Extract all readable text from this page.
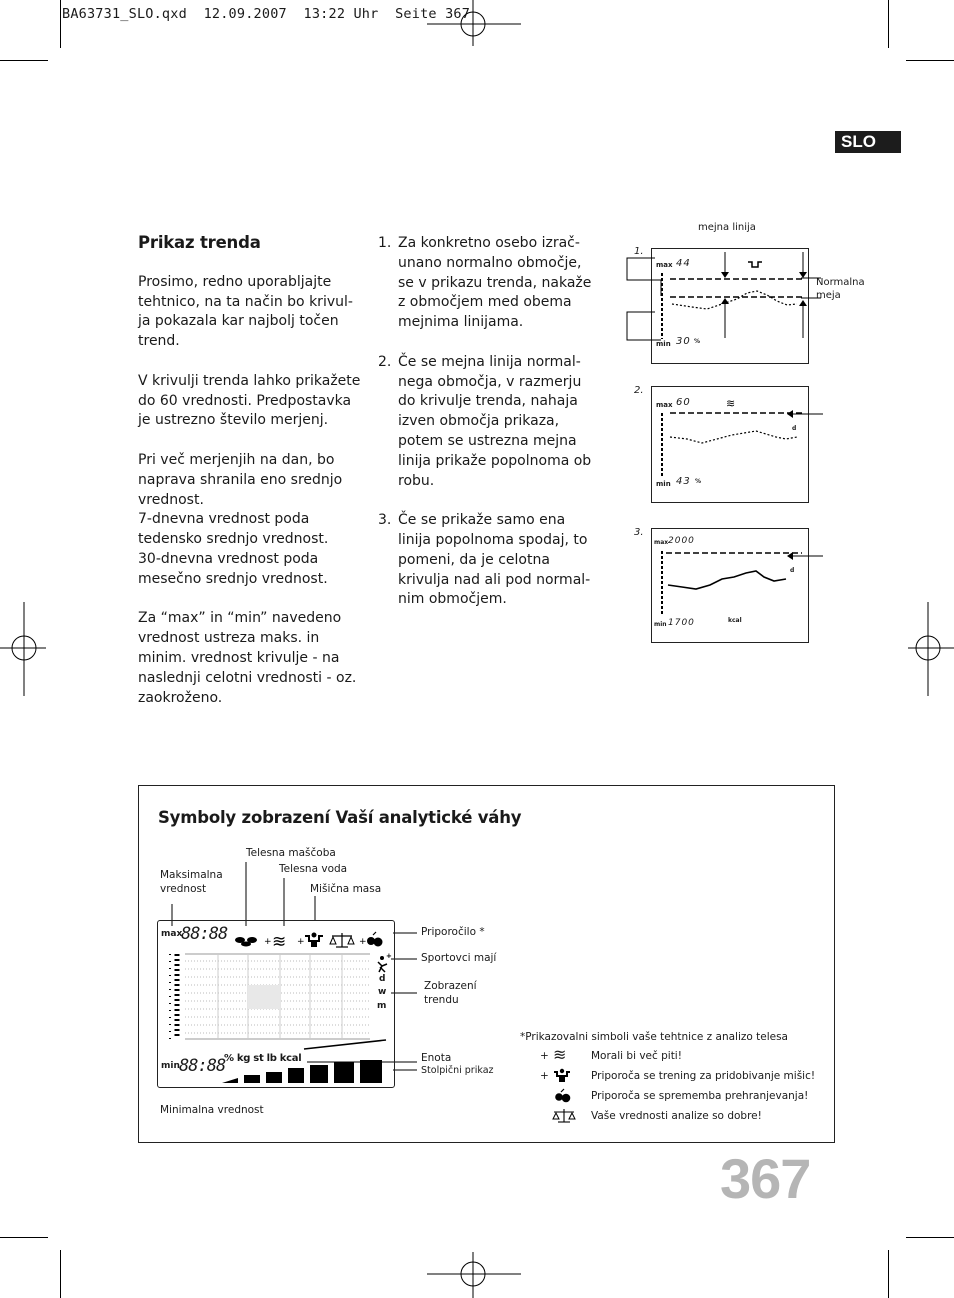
BA63731_SLO.qxd  12.09.2007  13:22 Uhr  Seite 367
SLO
Prikaz trenda

Prosimo, redno uporabljajte tehtnico, na ta način bo krivul-ja pokazala kar najbolj točen trend.

V krivulji trenda lahko prikažete do 60 vrednosti. Predpostavka je ustrezno število merjenj.

Pri več merjenjih na dan, bo naprava shranila eno srednjo vrednost.
7-dnevna vrednost poda tedensko srednjo vrednost.
30-dnevna vrednost poda mesečno srednjo vrednost.

Za “max” in “min” navedeno vrednost ustreza maks. in minim. vrednost krivulje - na naslednji celotni vrednosti - oz. zaokroženo.

1. Za konkretno osebo izrač-unano normalno območje, se v prikazu trenda, nakaže z območjem med obema mejnima linijama.
2. Če se mejna linija normal-nega območja, v razmerju do krivulje trenda, nahaja izven območja prikaza, potem se ustrezna mejna linija prikaže popolnoma ob robu.
3. Če se prikaže samo ena linija popolnoma spodaj, to pomeni, da je celotna krivulja nad ali pod normal-nim območjem.
mejna linija
Normalna
meja
1.
max 44
min 30 %
2.
max 60
min 43 %
d
≋
3.
max 2000
min 1700	kcal
d
Symboly zobrazení Vaší analytické váhy
Maksimalna
vrednost
Telesna maščoba
Telesna voda
Mišična masa
Priporočilo *
Sportovci mají
Zobrazení
trendu
Enota
Stolpični prikaz
Minimalna vrednost
max
88:88
min 88:88
% kg st lb kcal
d
w
m
+ ≋ +	+
+
*Prikazovalni simboli vaše tehtnice z analizo telesa
+ ≋ Morali bi več piti!
+	Priporoča se trening za pridobivanje mišic!
Priporoča se sprememba prehranjevanja!
Vaše vrednosti analize so dobre!
367
